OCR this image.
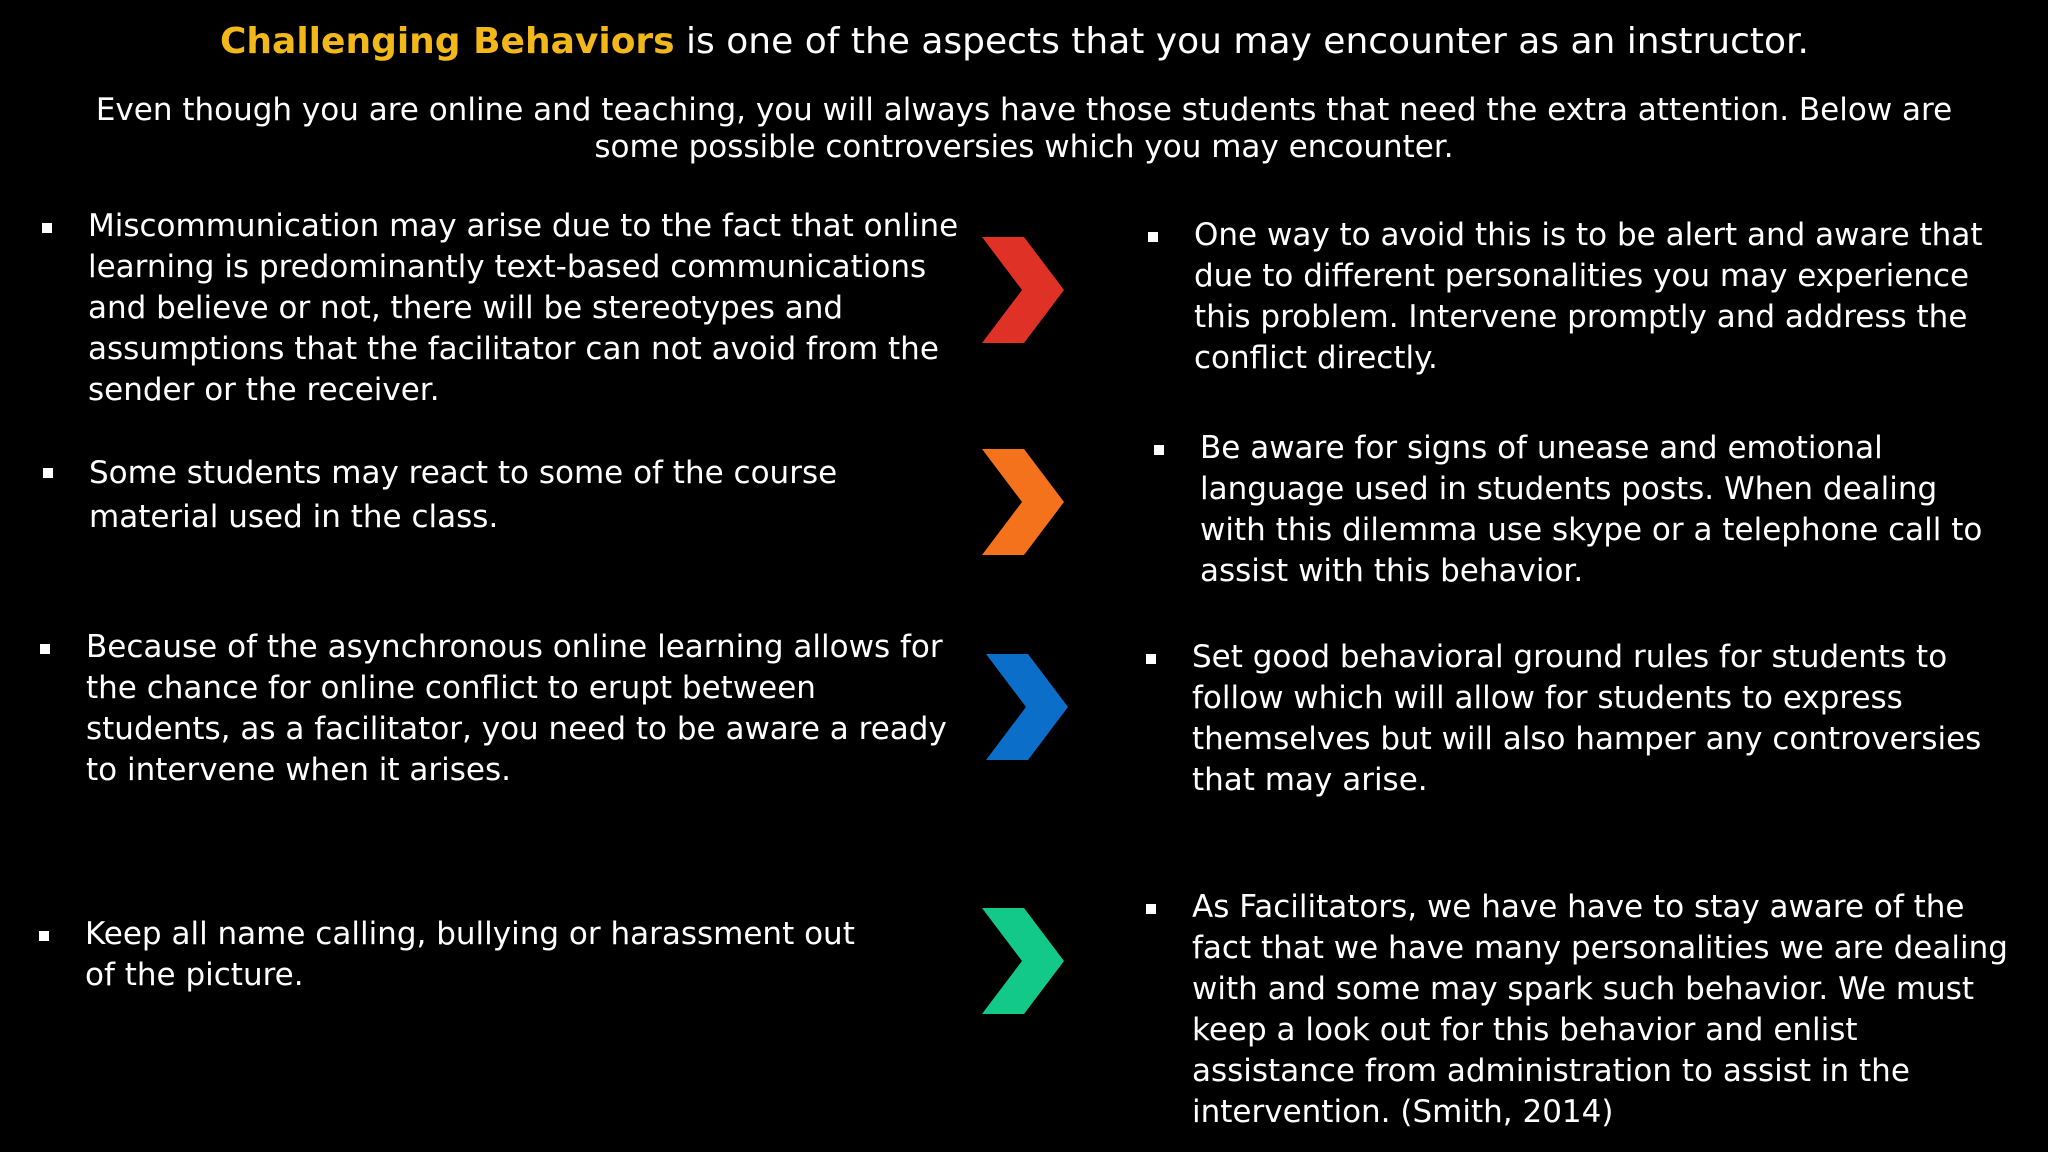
Challenging Behaviors is one of the aspects that you may encounter as an instructor.
Even though you are online and teaching, you will always have those students that need the extra attention. Below are some possible controversies which you may encounter.
Miscommunication may arise due to the fact that online learning is predominantly text-based communications and believe or not, there will be stereotypes and assumptions that the facilitator can not avoid from the sender or the receiver.
One way to avoid this is to be alert and aware that due to different personalities you may experience this problem. Intervene promptly and address the conflict directly.
Some students may react to some of the course material used in the class.
Be aware for signs of unease and emotional language used in students posts. When dealing with this dilemma use skype or a telephone call to assist with this behavior.
Because of the asynchronous online learning allows for the chance for online conflict to erupt between students, as a facilitator, you need to be aware a ready to intervene when it arises.
Set good behavioral ground rules for students to follow which will allow for students to express themselves but will also hamper any controversies that may arise.
Keep all name calling, bullying or harassment out of the picture.
As Facilitators, we have have to stay aware of the fact that we have many personalities we are dealing with and some may spark such behavior. We must keep a look out for this behavior and enlist assistance from administration to assist in the intervention. (Smith, 2014)
